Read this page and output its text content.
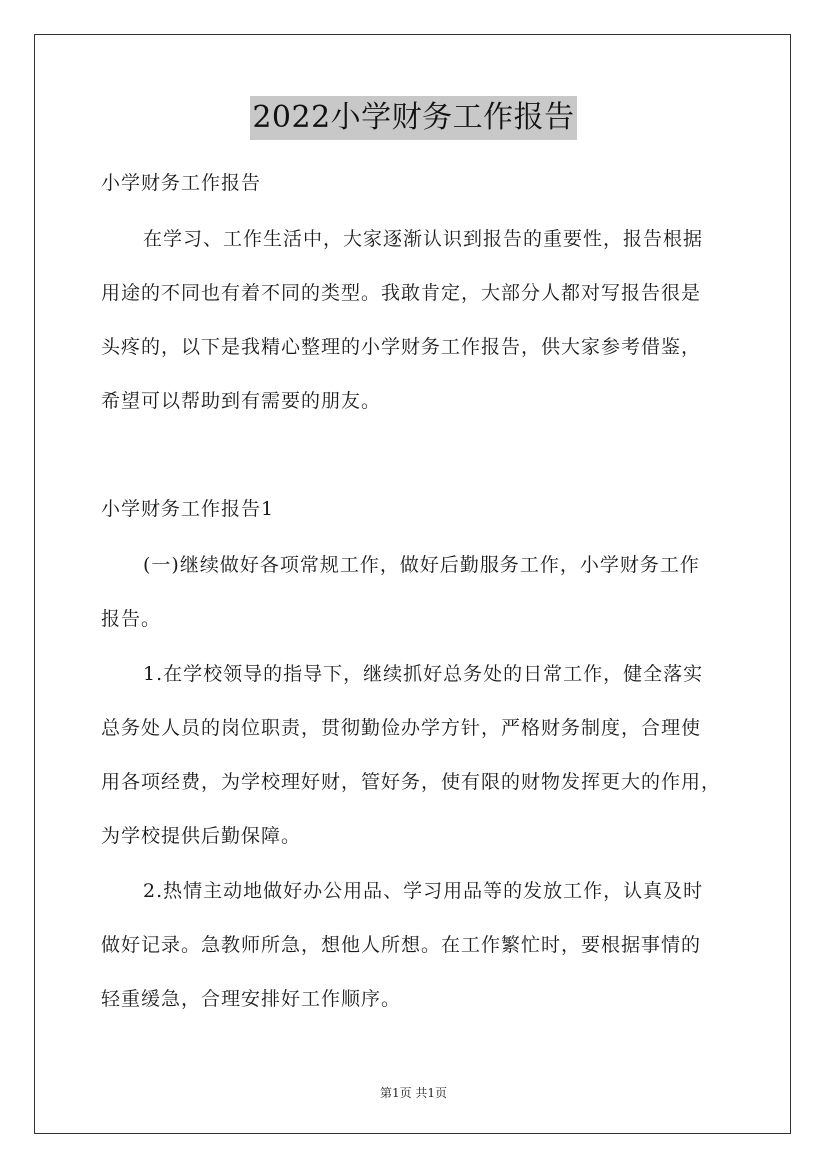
2022小学财务工作报告

小学财务工作报告

在学习、工作生活中，大家逐渐认识到报告的重要性，报告根据

用途的不同也有着不同的类型。我敢肯定，大部分人都对写报告很是

头疼的，以下是我精心整理的小学财务工作报告，供大家参考借鉴，

希望可以帮助到有需要的朋友。

小学财务工作报告1

(一)继续做好各项常规工作，做好后勤服务工作，小学财务工作

报告。

1.在学校领导的指导下，继续抓好总务处的日常工作，健全落实

总务处人员的岗位职责，贯彻勤俭办学方针，严格财务制度，合理使

用各项经费，为学校理好财，管好务，使有限的财物发挥更大的作用，

为学校提供后勤保障。

2.热情主动地做好办公用品、学习用品等的发放工作，认真及时

做好记录。急教师所急，想他人所想。在工作繁忙时，要根据事情的

轻重缓急，合理安排好工作顺序。

第1页 共1页
